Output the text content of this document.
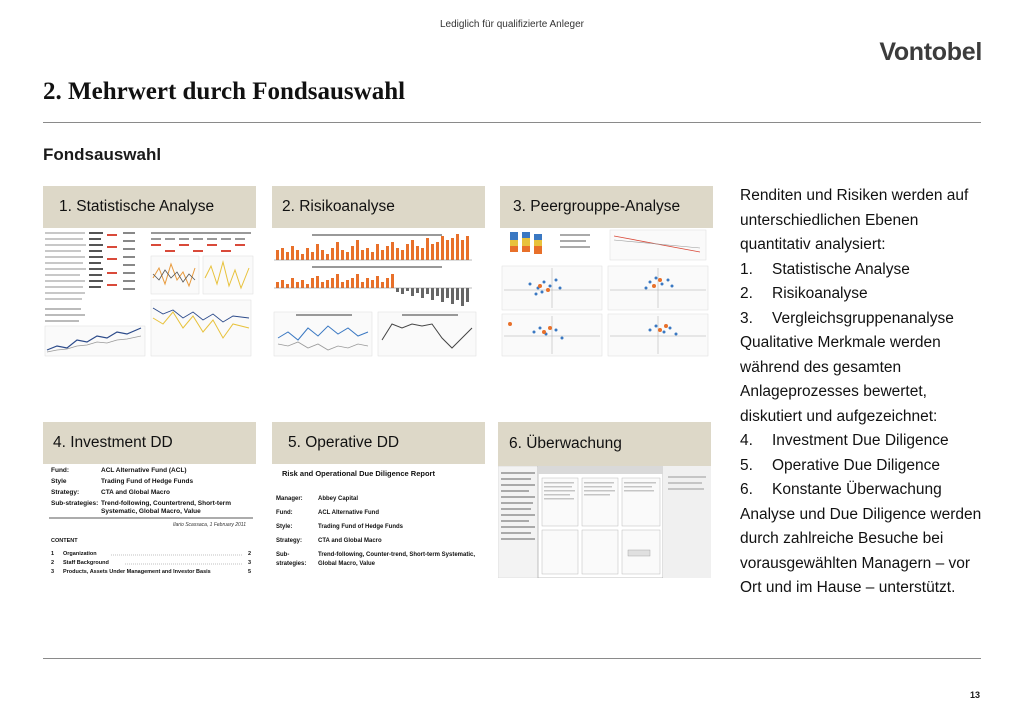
Lediglich für qualifizierte Anleger
Vontobel
2. Mehrwert durch Fondsauswahl
Fondsauswahl
1. Statistische Analyse	2. Risikoanalyse	3. Peergrouppe-Analyse
4. Investment DD
Fund:	ACL Alternative Fund (ACL)
Style	Trading Fund of Hedge Funds
Strategy:	CTA and Global Macro
Sub-strategies: Trend-following, Countertrend, Short-term
Systematic, Global Macro, Value
Ilario Scassaca, 1 February 2011
CONTENT
1 Organization	2
2 Staff Background	3
3 Products, Assets Under Management and Investor Basis	5
5. Operative DD
Risk and Operational Due Diligence Report
Manager:	Abbey Capital
Fund:	ACL Alternative Fund
Style:	Trading Fund of Hedge Funds
Strategy:	CTA and Global Macro
Sub-	Trend-following, Counter-trend, Short-term Systematic,
strategies: Global Macro, Value
6. Überwachung
Renditen und Risiken werden auf unterschiedlichen Ebenen quantitativ analysiert:
1.	Statistische Analyse
2.	Risikoanalyse
3.	Vergleichsgruppenanalyse
Qualitative Merkmale werden während des gesamten Anlageprozesses bewertet, diskutiert und aufgezeichnet:
4.	Investment Due Diligence
5.	Operative Due Diligence
6.	Konstante Überwachung
Analyse und Due Diligence werden durch zahlreiche Besuche bei vorausgewählten Managern – vor Ort und im Hause – unterstützt.
13
